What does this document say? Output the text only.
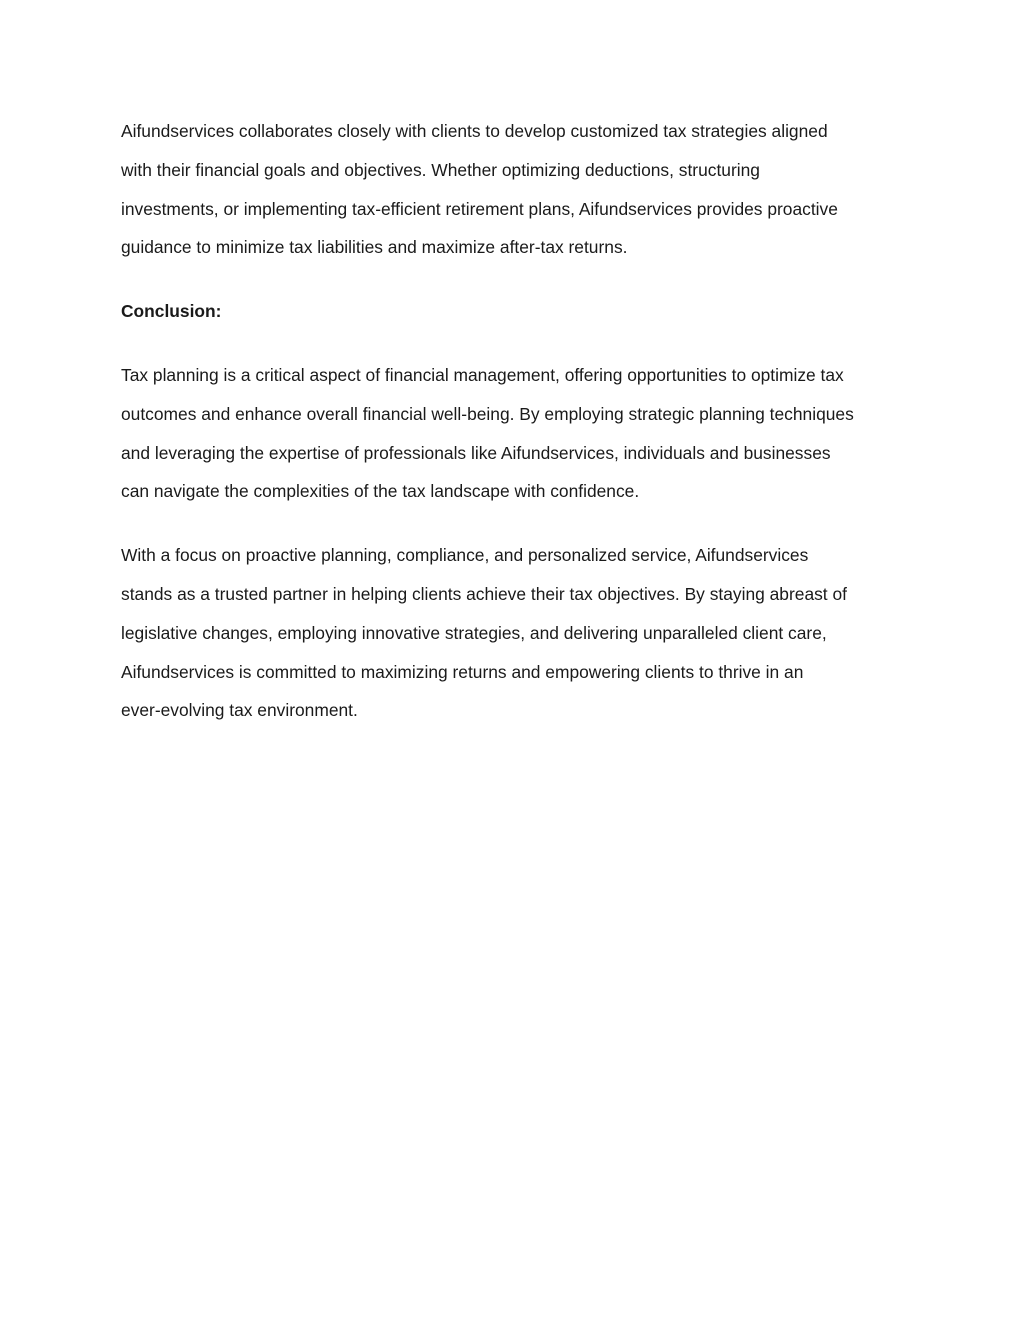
Aifundservices collaborates closely with clients to develop customized tax strategies aligned
with their financial goals and objectives. Whether optimizing deductions, structuring
investments, or implementing tax-efficient retirement plans, Aifundservices provides proactive
guidance to minimize tax liabilities and maximize after-tax returns.

Conclusion:

Tax planning is a critical aspect of financial management, offering opportunities to optimize tax
outcomes and enhance overall financial well-being. By employing strategic planning techniques
and leveraging the expertise of professionals like Aifundservices, individuals and businesses
can navigate the complexities of the tax landscape with confidence.

With a focus on proactive planning, compliance, and personalized service, Aifundservices
stands as a trusted partner in helping clients achieve their tax objectives. By staying abreast of
legislative changes, employing innovative strategies, and delivering unparalleled client care,
Aifundservices is committed to maximizing returns and empowering clients to thrive in an
ever-evolving tax environment.
